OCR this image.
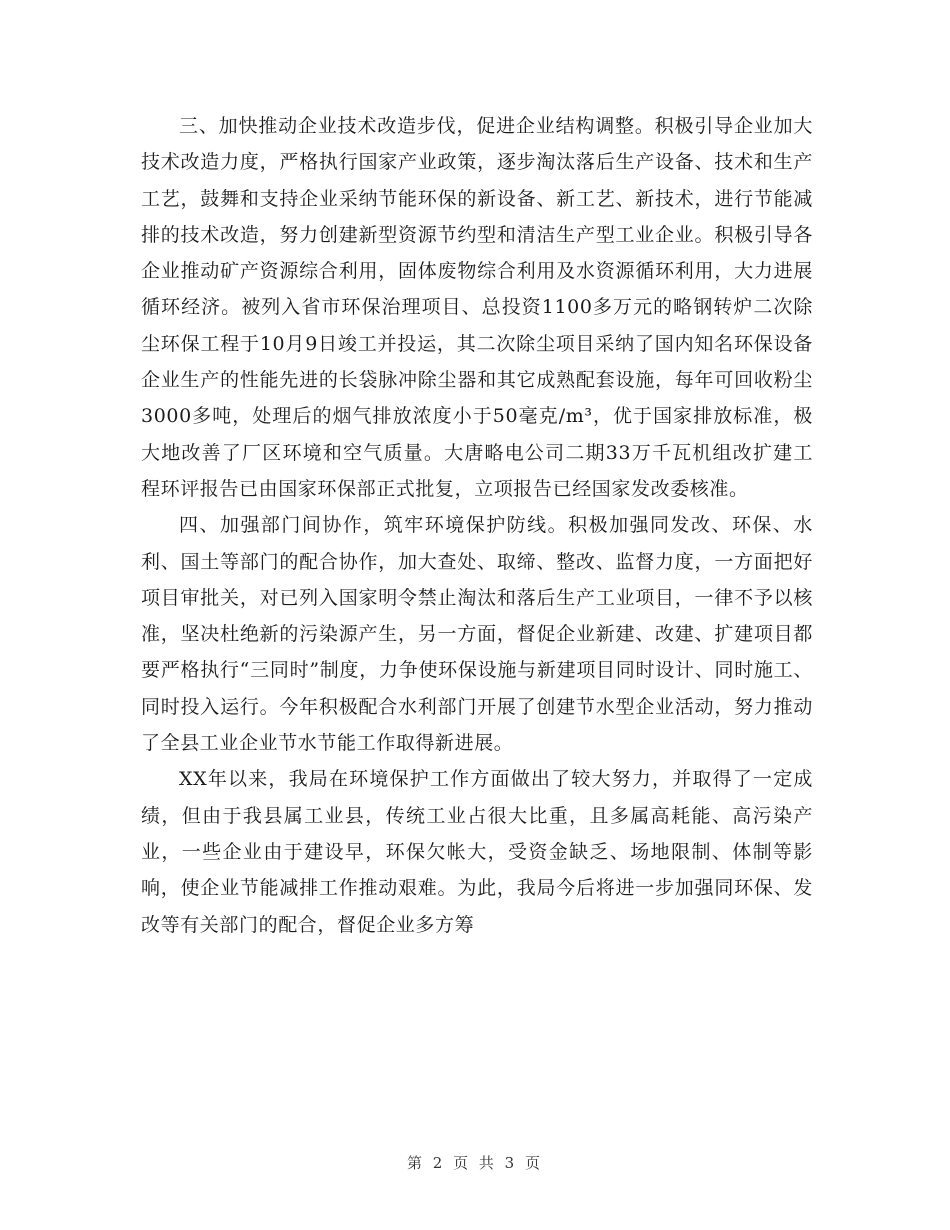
三、加快推动企业技术改造步伐，促进企业结构调整。积极引导企业加大技术改造力度，严格执行国家产业政策，逐步淘汰落后生产设备、技术和生产工艺，鼓舞和支持企业采纳节能环保的新设备、新工艺、新技术，进行节能减排的技术改造，努力创建新型资源节约型和清洁生产型工业企业。积极引导各企业推动矿产资源综合利用，固体废物综合利用及水资源循环利用，大力进展循环经济。被列入省市环保治理项目、总投资1100多万元的略钢转炉二次除尘环保工程于10月9日竣工并投运，其二次除尘项目采纳了国内知名环保设备企业生产的性能先进的长袋脉冲除尘器和其它成熟配套设施，每年可回收粉尘3000多吨，处理后的烟气排放浓度小于50毫克/m³，优于国家排放标准，极大地改善了厂区环境和空气质量。大唐略电公司二期33万千瓦机组改扩建工程环评报告已由国家环保部正式批复，立项报告已经国家发改委核准。

四、加强部门间协作，筑牢环境保护防线。积极加强同发改、环保、水利、国土等部门的配合协作，加大查处、取缔、整改、监督力度，一方面把好项目审批关，对已列入国家明令禁止淘汰和落后生产工业项目，一律不予以核准，坚决杜绝新的污染源产生，另一方面，督促企业新建、改建、扩建项目都要严格执行“三同时”制度，力争使环保设施与新建项目同时设计、同时施工、同时投入运行。今年积极配合水利部门开展了创建节水型企业活动，努力推动了全县工业企业节水节能工作取得新进展。

XX年以来，我局在环境保护工作方面做出了较大努力，并取得了一定成绩，但由于我县属工业县，传统工业占很大比重，且多属高耗能、高污染产业，一些企业由于建设早，环保欠帐大，受资金缺乏、场地限制、体制等影响，使企业节能减排工作推动艰难。为此，我局今后将进一步加强同环保、发改等有关部门的配合，督促企业多方筹

第 2 页 共 3 页
